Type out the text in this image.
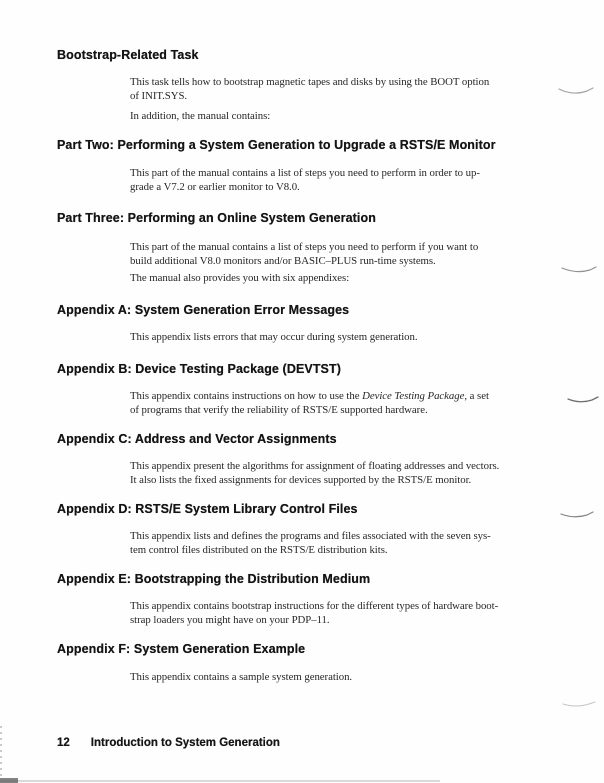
Bootstrap-Related Task

This task tells how to bootstrap magnetic tapes and disks by using the BOOT option
of INIT.SYS.

In addition, the manual contains:

Part Two: Performing a System Generation to Upgrade a RSTS/E Monitor

This part of the manual contains a list of steps you need to perform in order to up-
grade a V7.2 or earlier monitor to V8.0.

Part Three: Performing an Online System Generation

This part of the manual contains a list of steps you need to perform if you want to
build additional V8.0 monitors and/or BASIC–PLUS run-time systems.

The manual also provides you with six appendixes:

Appendix A: System Generation Error Messages

This appendix lists errors that may occur during system generation.

Appendix B: Device Testing Package (DEVTST)

This appendix contains instructions on how to use the Device Testing Package, a set
of programs that verify the reliability of RSTS/E supported hardware.

Appendix C: Address and Vector Assignments

This appendix present the algorithms for assignment of floating addresses and vectors.
It also lists the fixed assignments for devices supported by the RSTS/E monitor.

Appendix D: RSTS/E System Library Control Files

This appendix lists and defines the programs and files associated with the seven sys-
tem control files distributed on the RSTS/E distribution kits.

Appendix E: Bootstrapping the Distribution Medium

This appendix contains bootstrap instructions for the different types of hardware boot-
strap loaders you might have on your PDP–11.

Appendix F: System Generation Example

This appendix contains a sample system generation.

12 Introduction to System Generation
